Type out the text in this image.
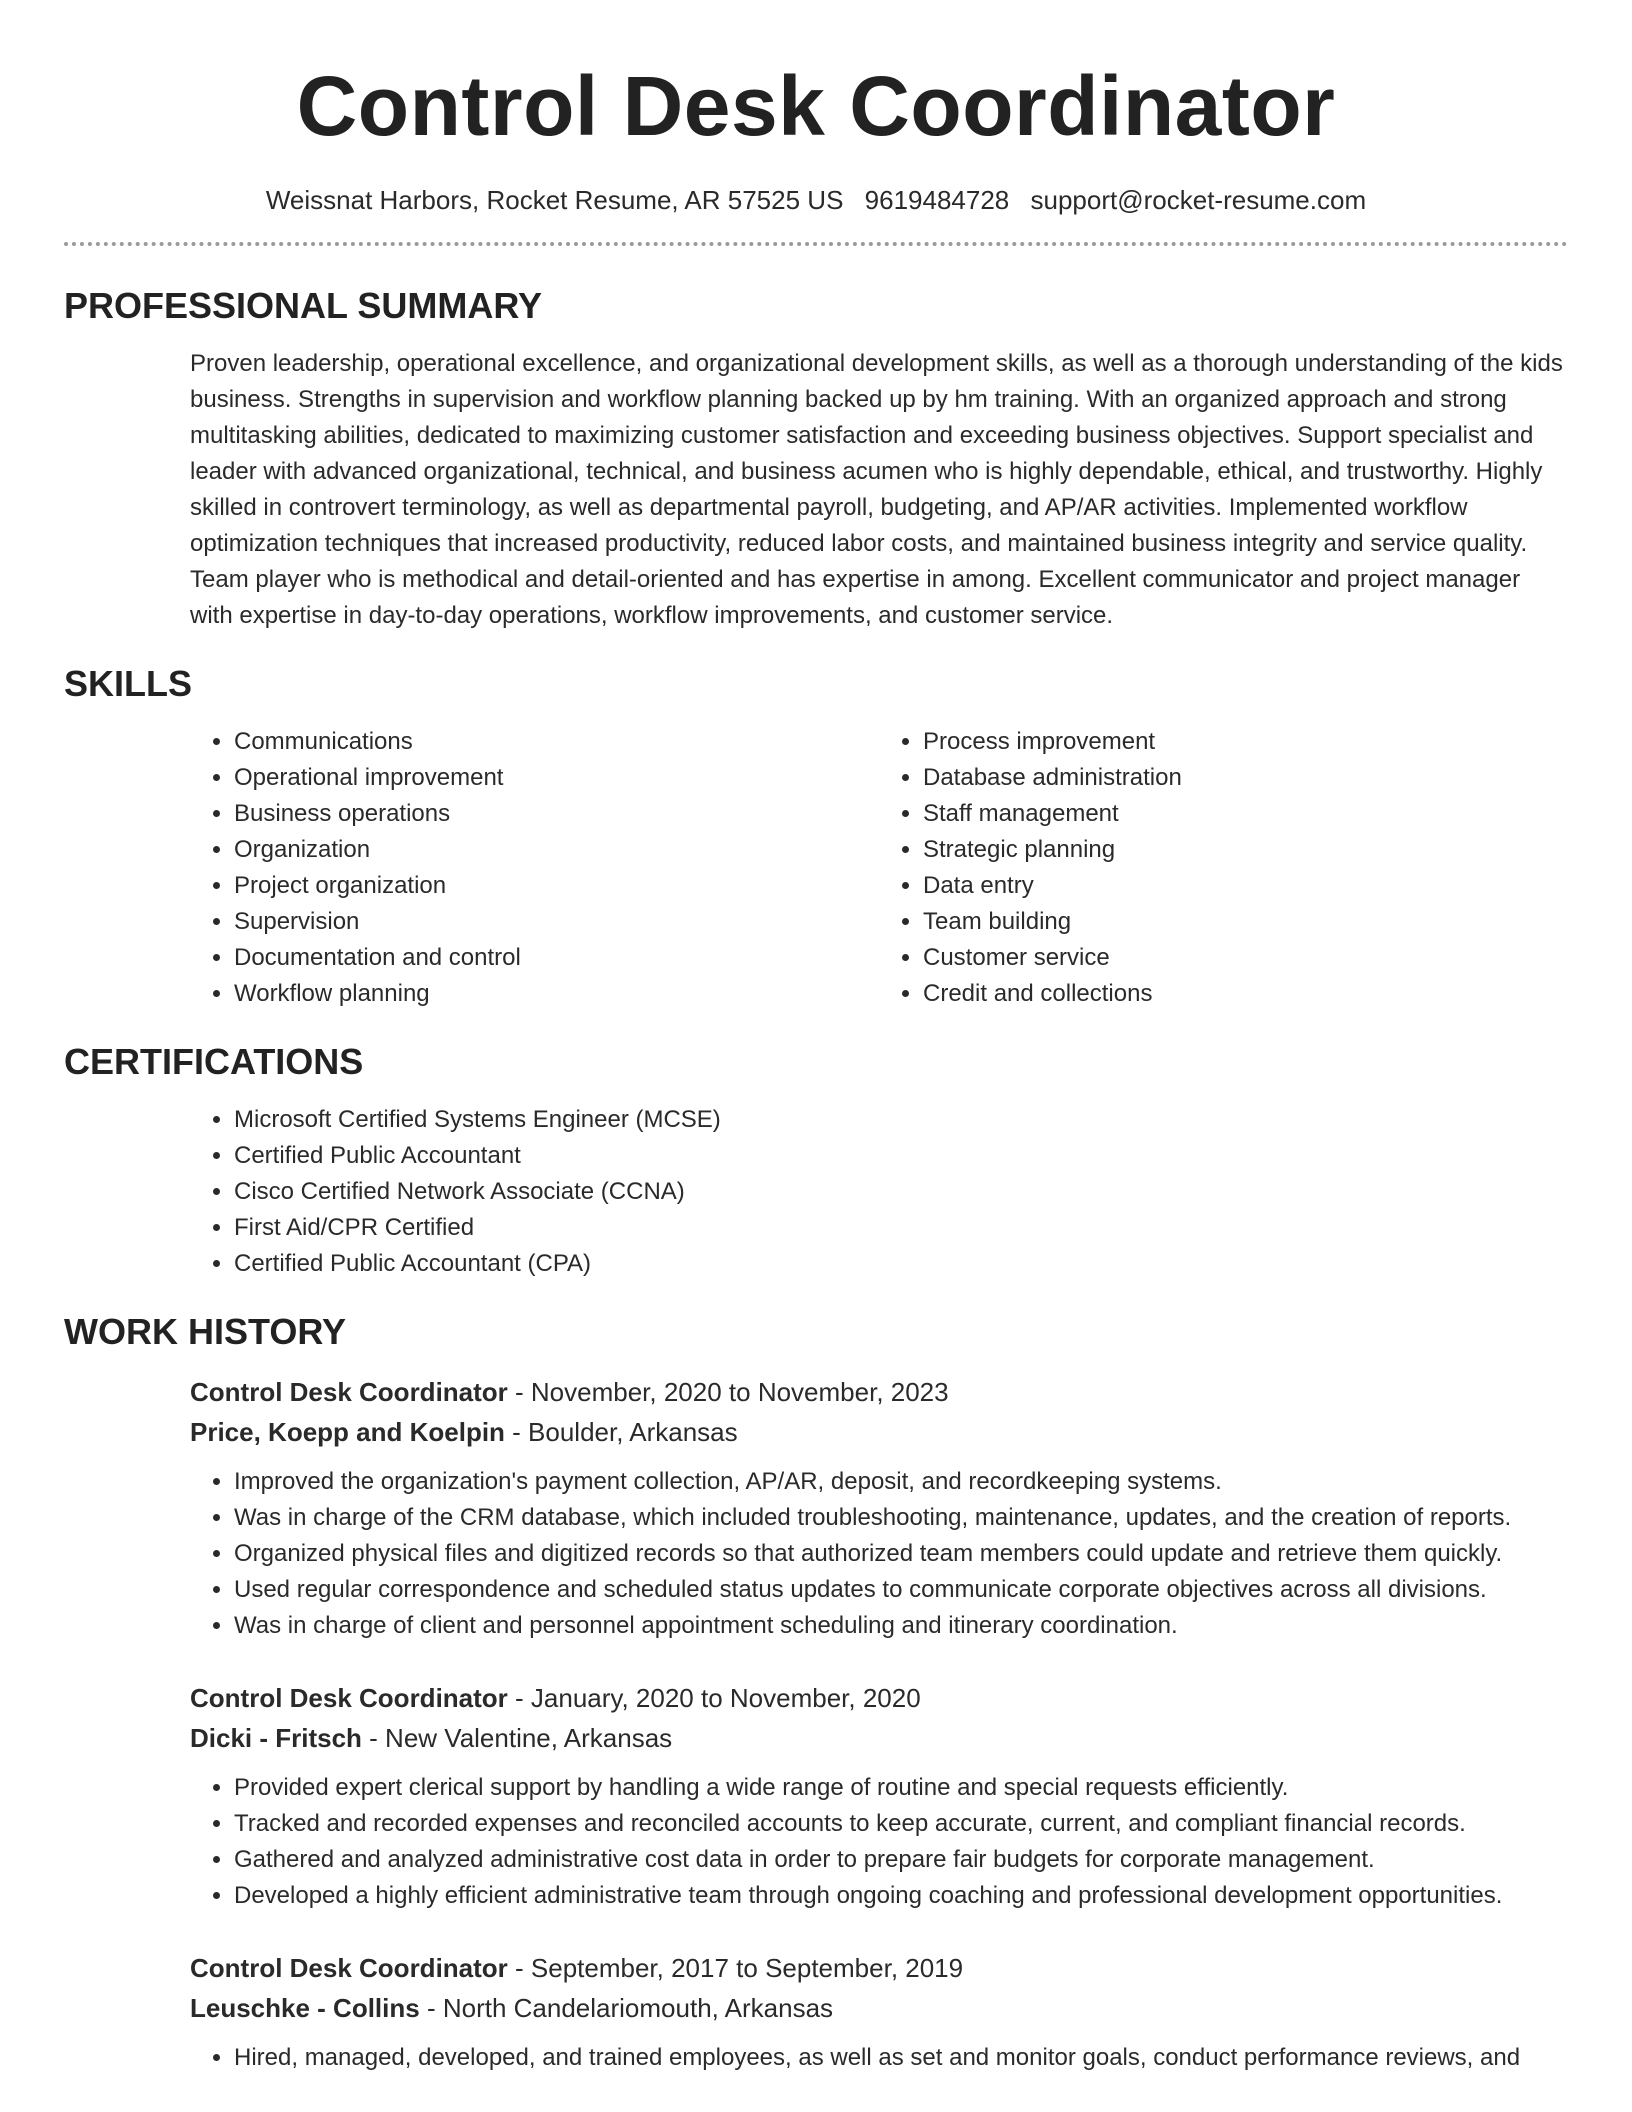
Control Desk Coordinator
Weissnat Harbors, Rocket Resume, AR 57525 US 9619484728 support@rocket-resume.com
PROFESSIONAL SUMMARY

Proven leadership, operational excellence, and organizational development skills, as well as a thorough understanding of the kids business. Strengths in supervision and workflow planning backed up by hm training. With an organized approach and strong multitasking abilities, dedicated to maximizing customer satisfaction and exceeding business objectives. Support specialist and leader with advanced organizational, technical, and business acumen who is highly dependable, ethical, and trustworthy. Highly skilled in controvert terminology, as well as departmental payroll, budgeting, and AP/AR activities. Implemented workflow optimization techniques that increased productivity, reduced labor costs, and maintained business integrity and service quality. Team player who is methodical and detail-oriented and has expertise in among. Excellent communicator and project manager with expertise in day-to-day operations, workflow improvements, and customer service.

SKILLS
• Communications
• Operational improvement
• Business operations
• Organization
• Project organization
• Supervision
• Documentation and control
• Workflow planning
• Process improvement
• Database administration
• Staff management
• Strategic planning
• Data entry
• Team building
• Customer service
• Credit and collections
CERTIFICATIONS
• Microsoft Certified Systems Engineer (MCSE)
• Certified Public Accountant
• Cisco Certified Network Associate (CCNA)
• First Aid/CPR Certified
• Certified Public Accountant (CPA)
WORK HISTORY
Control Desk Coordinator - November, 2020 to November, 2023
Price, Koepp and Koelpin - Boulder, Arkansas
• Improved the organization's payment collection, AP/AR, deposit, and recordkeeping systems.
• Was in charge of the CRM database, which included troubleshooting, maintenance, updates, and the creation of reports.
• Organized physical files and digitized records so that authorized team members could update and retrieve them quickly.
• Used regular correspondence and scheduled status updates to communicate corporate objectives across all divisions.
• Was in charge of client and personnel appointment scheduling and itinerary coordination.
Control Desk Coordinator - January, 2020 to November, 2020
Dicki - Fritsch - New Valentine, Arkansas
• Provided expert clerical support by handling a wide range of routine and special requests efficiently.
• Tracked and recorded expenses and reconciled accounts to keep accurate, current, and compliant financial records.
• Gathered and analyzed administrative cost data in order to prepare fair budgets for corporate management.
• Developed a highly efficient administrative team through ongoing coaching and professional development opportunities.
Control Desk Coordinator - September, 2017 to September, 2019
Leuschke - Collins - North Candelariomouth, Arkansas
• Hired, managed, developed, and trained employees, as well as set and monitor goals, conduct performance reviews, and
